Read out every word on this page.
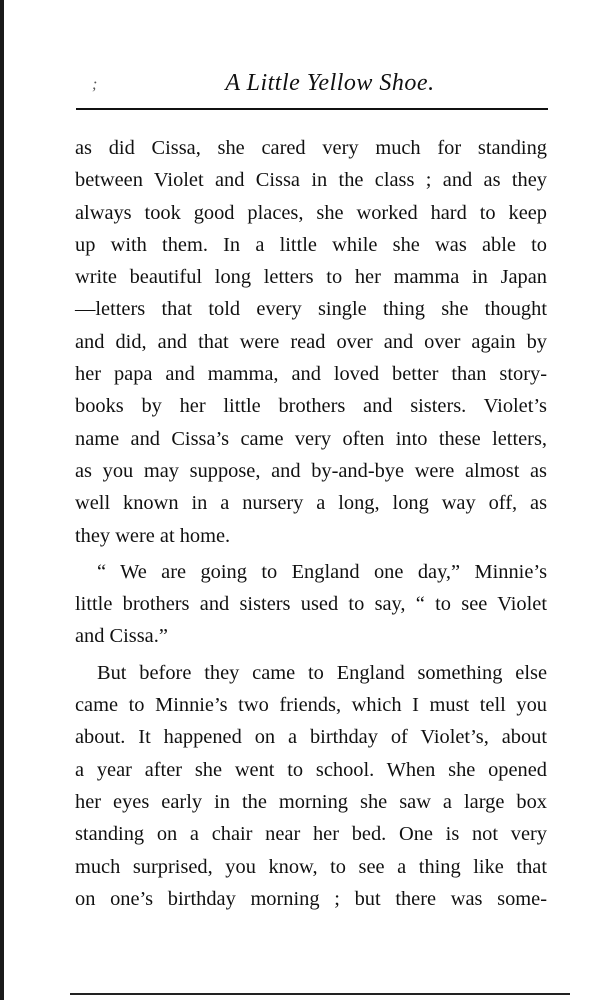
;	A Little Yellow Shoe.
as did Cissa, she cared very much for standing
between Violet and Cissa in the class ; and as they
always took good places, she worked hard to keep
up with them. In a little while she was able to
write beautiful long letters to her mamma in Japan
—letters that told every single thing she thought
and did, and that were read over and over again by
her papa and mamma, and loved better than story-
books by her little brothers and sisters. Violet’s
name and Cissa’s came very often into these letters,
as you may suppose, and by-and-bye were almost as
well known in a nursery a long, long way off, as
they were at home.
“ We are going to England one day,” Minnie’s
little brothers and sisters used to say, “ to see Violet
and Cissa.”
But before they came to England something else
came to Minnie’s two friends, which I must tell you
about. It happened on a birthday of Violet’s, about
a year after she went to school. When she opened
her eyes early in the morning she saw a large box
standing on a chair near her bed. One is not very
much surprised, you know, to see a thing like that
on one’s birthday morning ; but there was some-
